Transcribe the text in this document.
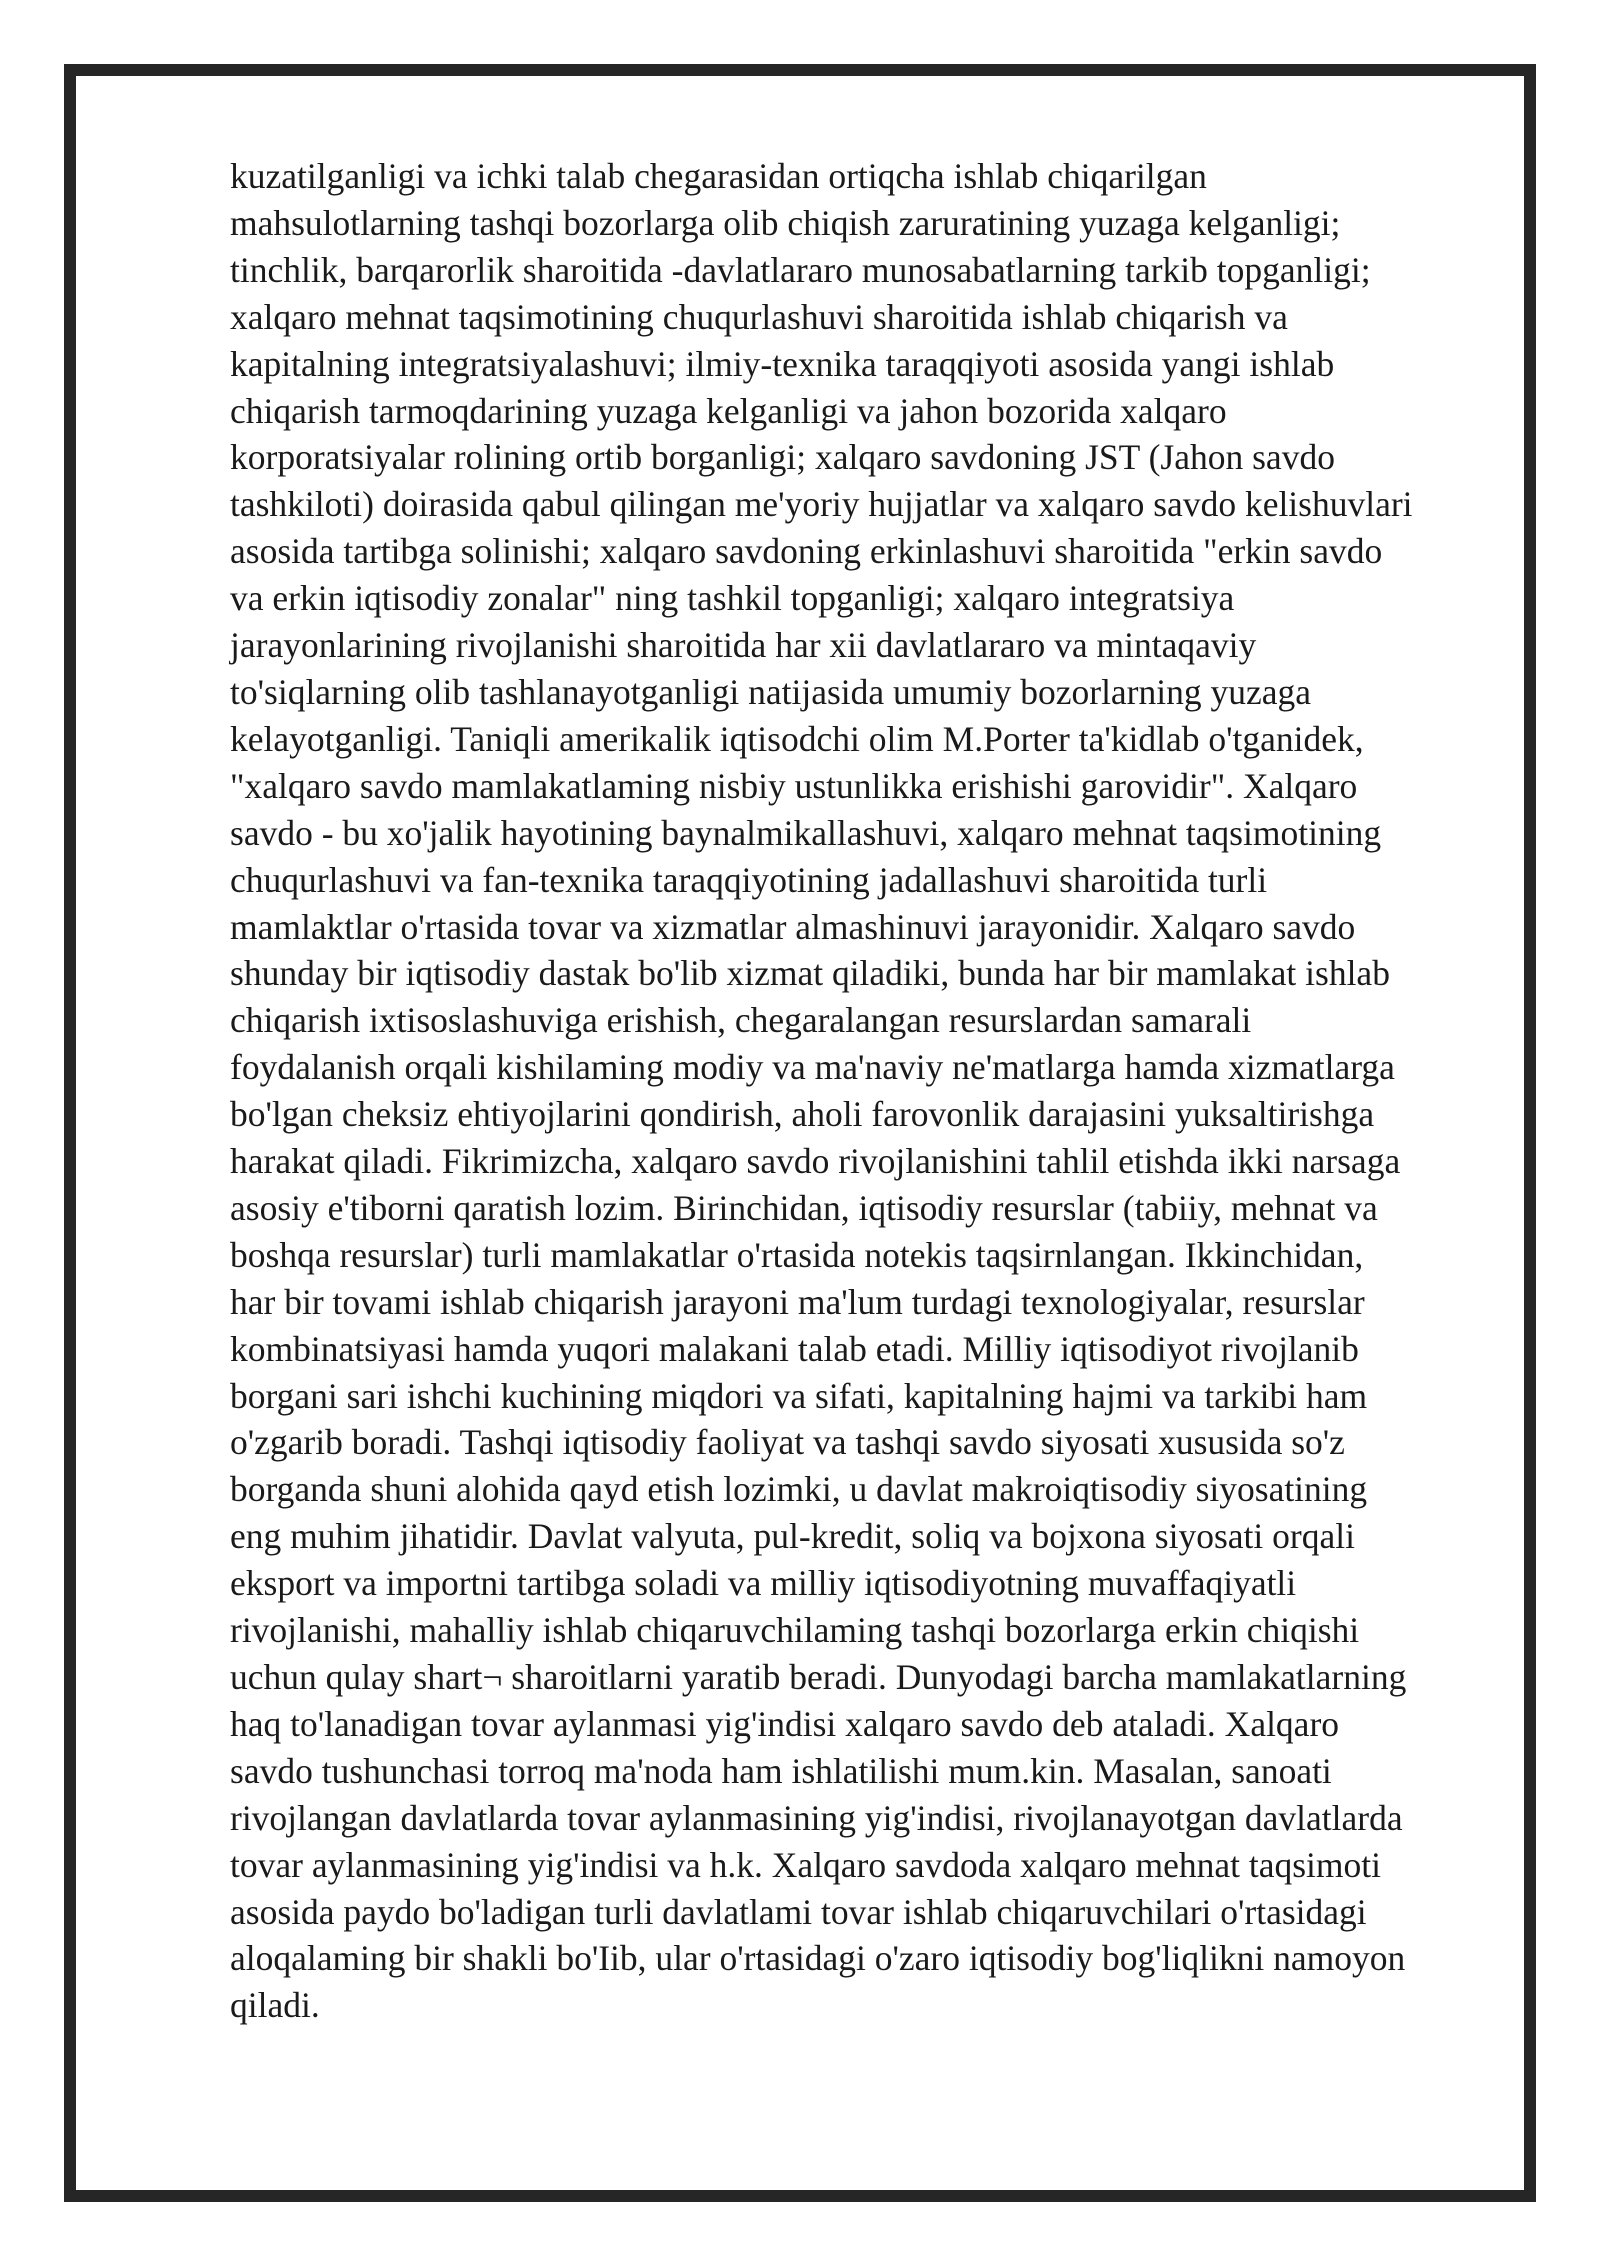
kuzatilganligi va ichki talab chegarasidan ortiqcha ishlab chiqarilgan
mahsulotlarning tashqi bozorlarga olib chiqish zaruratining yuzaga kelganligi;
tinchlik, barqarorlik sharoitida -davlatlararo munosabatlarning tarkib topganligi;
xalqaro mehnat taqsimotining chuqurlashuvi sharoitida ishlab chiqarish va
kapitalning integratsiyalashuvi; ilmiy-texnika taraqqiyoti asosida yangi ishlab
chiqarish tarmoqdarining yuzaga kelganligi va jahon bozorida xalqaro
korporatsiyalar rolining ortib borganligi; xalqaro savdoning JST (Jahon savdo
tashkiloti) doirasida qabul qilingan me'yoriy hujjatlar va xalqaro savdo kelishuvlari
asosida tartibga solinishi; xalqaro savdoning erkinlashuvi sharoitida "erkin savdo
va erkin iqtisodiy zonalar" ning tashkil topganligi; xalqaro integratsiya
jarayonlarining rivojlanishi sharoitida har xii davlatlararo va mintaqaviy
to'siqlarning olib tashlanayotganligi natijasida umumiy bozorlarning yuzaga
kelayotganligi. Taniqli amerikalik iqtisodchi olim M.Porter ta'kidlab o'tganidek,
"xalqaro savdo mamlakatlaming nisbiy ustunlikka erishishi garovidir". Xalqaro
savdo - bu xo'jalik hayotining baynalmikallashuvi, xalqaro mehnat taqsimotining
chuqurlashuvi va fan-texnika taraqqiyotining jadallashuvi sharoitida turli
mamlaktlar o'rtasida tovar va xizmatlar almashinuvi jarayonidir. Xalqaro savdo
shunday bir iqtisodiy dastak bo'lib xizmat qiladiki, bunda har bir mamlakat ishlab
chiqarish ixtisoslashuviga erishish, chegaralangan resurslardan samarali
foydalanish orqali kishilaming modiy va ma'naviy ne'matlarga hamda xizmatlarga
bo'lgan cheksiz ehtiyojlarini qondirish, aholi farovonlik darajasini yuksaltirishga
harakat qiladi. Fikrimizcha, xalqaro savdo rivojlanishini tahlil etishda ikki narsaga
asosiy e'tiborni qaratish lozim. Birinchidan, iqtisodiy resurslar (tabiiy, mehnat va
boshqa resurslar) turli mamlakatlar o'rtasida notekis taqsirnlangan. Ikkinchidan,
har bir tovami ishlab chiqarish jarayoni ma'lum turdagi texnologiyalar, resurslar
kombinatsiyasi hamda yuqori malakani talab etadi. Milliy iqtisodiyot rivojlanib
borgani sari ishchi kuchining miqdori va sifati, kapitalning hajmi va tarkibi ham
o'zgarib boradi. Tashqi iqtisodiy faoliyat va tashqi savdo siyosati xususida so'z
borganda shuni alohida qayd etish lozimki, u davlat makroiqtisodiy siyosatining
eng muhim jihatidir. Davlat valyuta, pul-kredit, soliq va bojxona siyosati orqali
eksport va importni tartibga soladi va milliy iqtisodiyotning muvaffaqiyatli
rivojlanishi, mahalliy ishlab chiqaruvchilaming tashqi bozorlarga erkin chiqishi
uchun qulay shart¬ sharoitlarni yaratib beradi. Dunyodagi barcha mamlakatlarning
haq to'lanadigan tovar aylanmasi yig'indisi xalqaro savdo deb ataladi. Xalqaro
savdo tushunchasi torroq ma'noda ham ishlatilishi mum.kin. Masalan, sanoati
rivojlangan davlatlarda tovar aylanmasining yig'indisi, rivojlanayotgan davlatlarda
tovar aylanmasining yig'indisi va h.k. Xalqaro savdoda xalqaro mehnat taqsimoti
asosida paydo bo'ladigan turli davlatlami tovar ishlab chiqaruvchilari o'rtasidagi
aloqalaming bir shakli bo'Iib, ular o'rtasidagi o'zaro iqtisodiy bog'liqlikni namoyon
qiladi.
